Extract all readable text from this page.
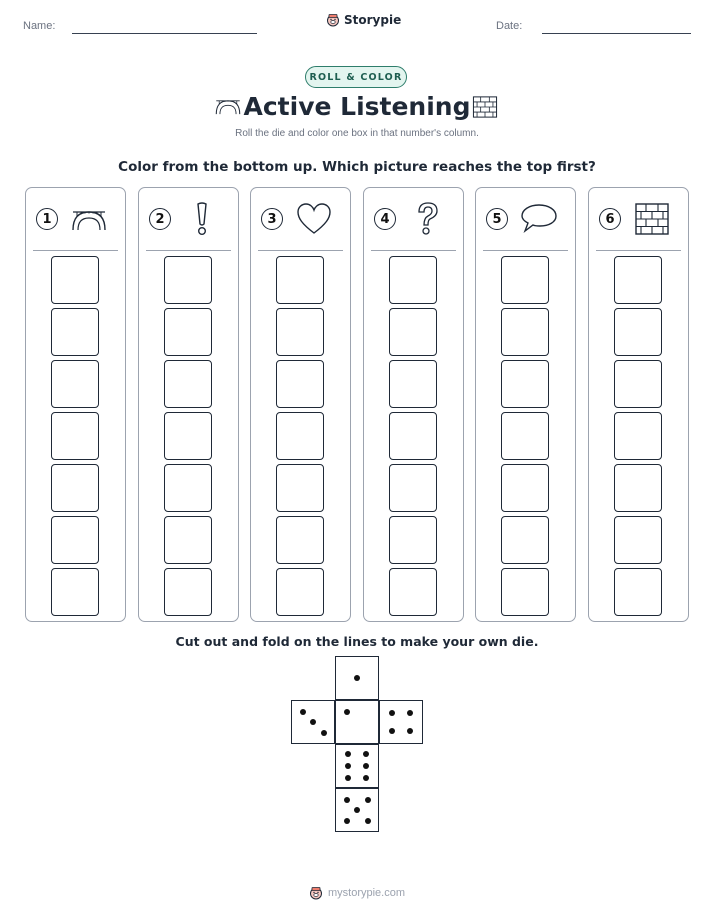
Name:	Storypie	Date:
ROLL & COLOR
Active Listening
Roll the die and color one box in that number's column.
Color from the bottom up. Which picture reaches the top first?
1	2	3	4	5	6
Cut out and fold on the lines to make your own die.
mystorypie.com
